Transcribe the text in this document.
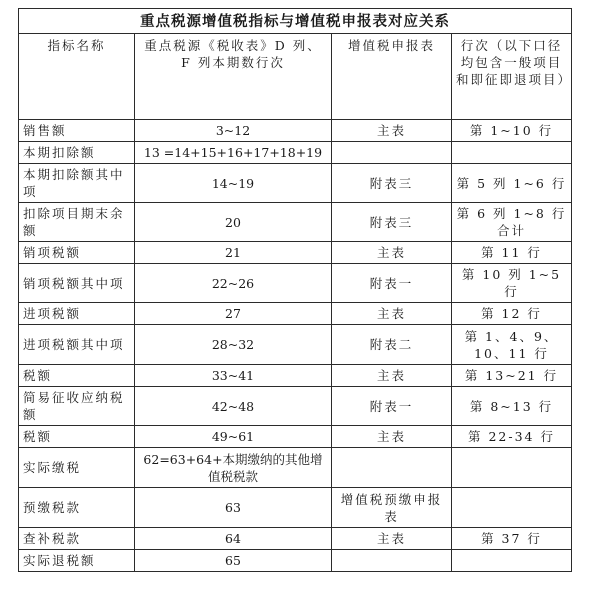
重点税源增值税指标与增值税申报表对应关系			
指标名称	重点税源《税收表》D 列、F 列本期数行次	增值税申报表	行次（以下口径均包含一般项目和即征即退项目）
销售额	3~12	主表	第 1~10 行
本期扣除额	13 =14+15+16+17+18+19		
本期扣除额其中项	14~19	附表三	第 5 列 1~6 行
扣除项目期末余额	20	附表三	第 6 列 1~8 行合计
销项税额	21	主表	第 11 行
销项税额其中项	22~26	附表一	第 10 列 1~5 行
进项税额	27	主表	第 12 行
进项税额其中项	28~32	附表二	第 1、4、9、10、11 行
税额	33~41	主表	第 13~21 行
简易征收应纳税额	42~48	附表一	第 8~13 行
税额	49~61	主表	第 22-34 行
实际缴税	62=63+64+本期缴纳的其他增值税税款		
预缴税款	63	增值税预缴申报表	
查补税款	64	主表	第 37 行
实际退税额	65		
